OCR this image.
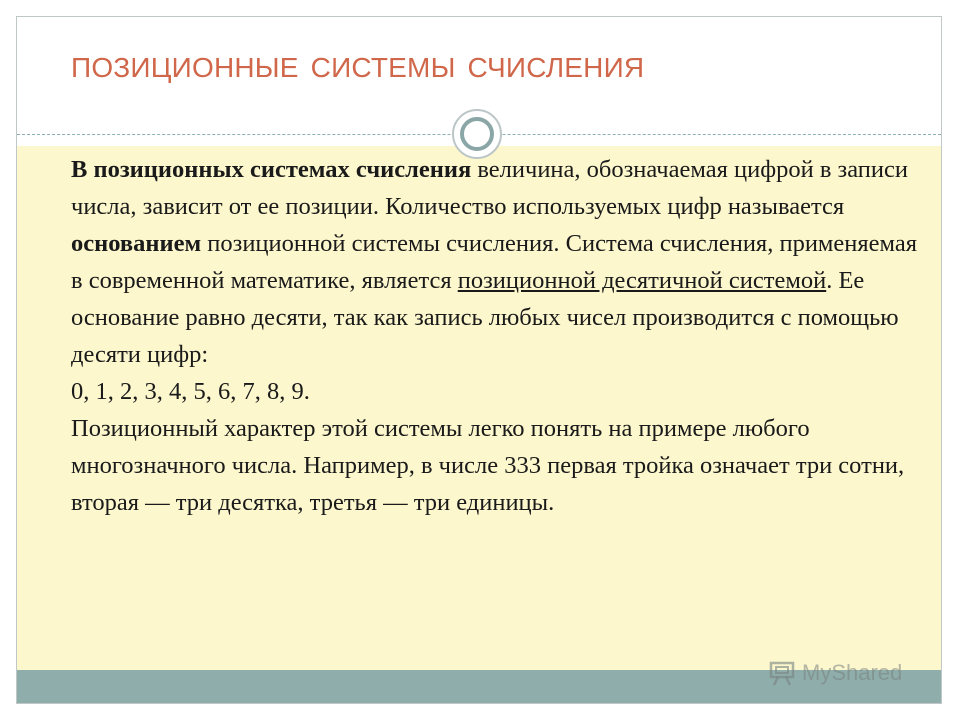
ПОЗИЦИОННЫЕ СИСТЕМЫ СЧИСЛЕНИЯ

В позиционных системах счисления величина, обозначаемая цифрой в записи числа, зависит от ее позиции. Количество используемых цифр называется основанием позиционной системы счисления. Система счисления, применяемая в современной математике, является позиционной десятичной системой. Ее основание равно десяти, так как запись любых чисел производится с помощью десяти цифр:

0, 1, 2, 3, 4, 5, 6, 7, 8, 9.

Позиционный характер этой системы легко понять на примере любого многозначного числа. Например, в числе 333 первая тройка означает три сотни, вторая — три десятка, третья — три единицы.

MyShared
